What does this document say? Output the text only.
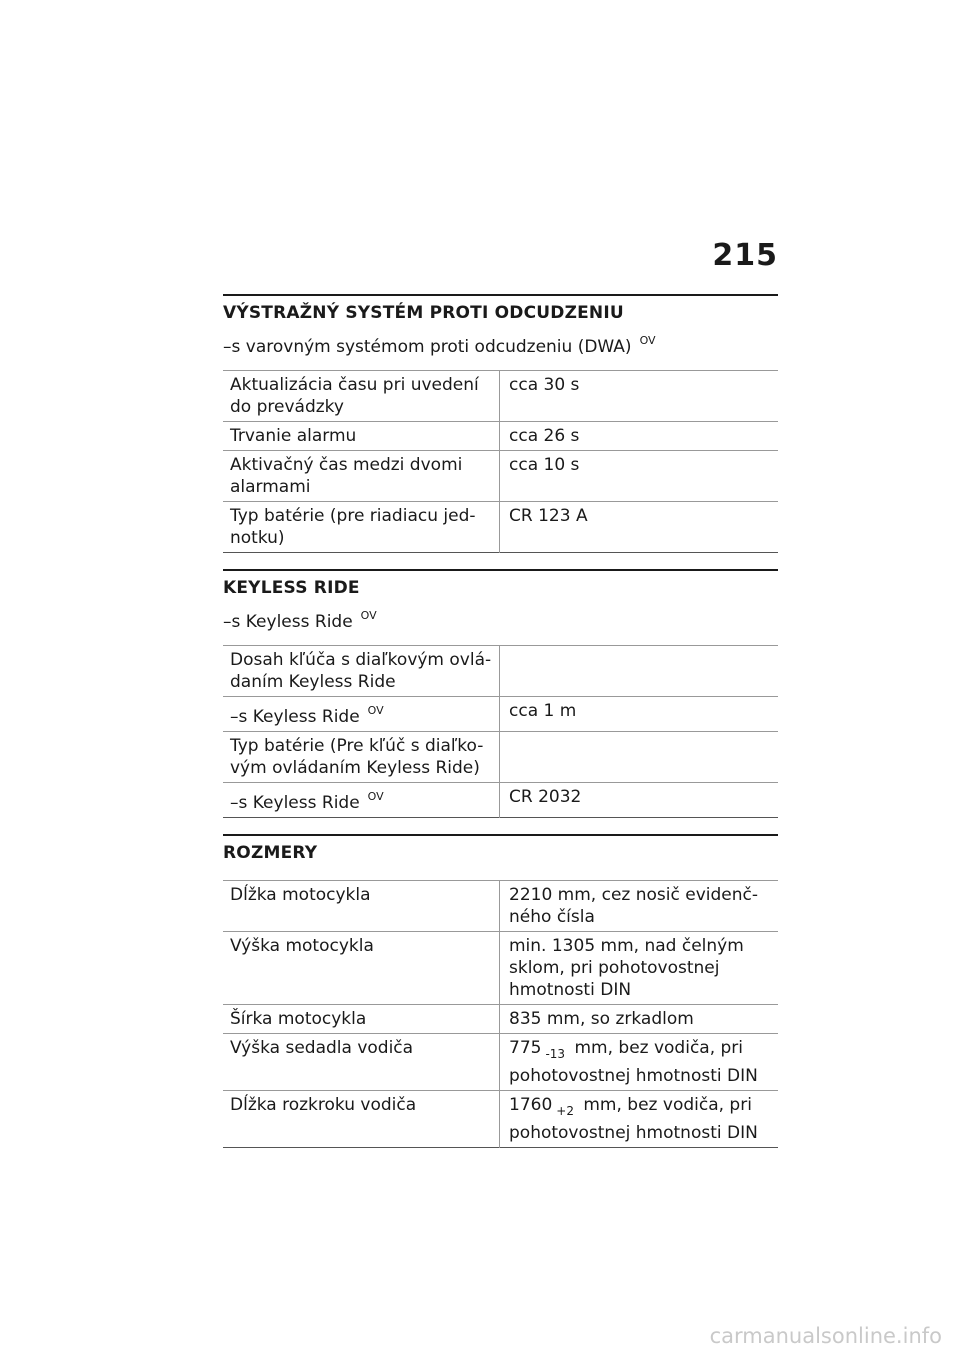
215
VÝSTRAŽNÝ SYSTÉM PROTI ODCUDZENIU
–s varovným systémom proti odcudzeniu (DWA) $^{OV}$
Aktualizácia času pri uvedení do prevádzky	cca 30 s
Trvanie alarmu	cca 26 s
Aktivačný čas medzi dvomi alarmami	cca 10 s
Typ batérie (pre riadiacu jed-notku)	CR 123 A
KEYLESS RIDE
–s Keyless Ride $^{OV}$
Dosah kľúča s diaľkovým ovlá-daním Keyless Ride	
–s Keyless Ride $^{OV}$	cca 1 m
Typ batérie (Pre kľúč s diaľko-vým ovládaním Keyless Ride)	
–s Keyless Ride $^{OV}$	CR 2032
ROZMERY
Dĺžka motocykla	2210 mm, cez nosič evidenč-ného čísla
Výška motocykla	min. 1305 mm, nad čelným sklom, pri pohotovostnej hmotnosti DIN
Šírka motocykla	835 mm, so zrkadlom
Výška sedadla vodiča	775 $_{-13}$ mm, bez vodiča, pri pohotovostnej hmotnosti DIN
Dĺžka rozkroku vodiča	1760 $_{+2}$ mm, bez vodiča, pri pohotovostnej hmotnosti DIN
carmanualsonline.info
